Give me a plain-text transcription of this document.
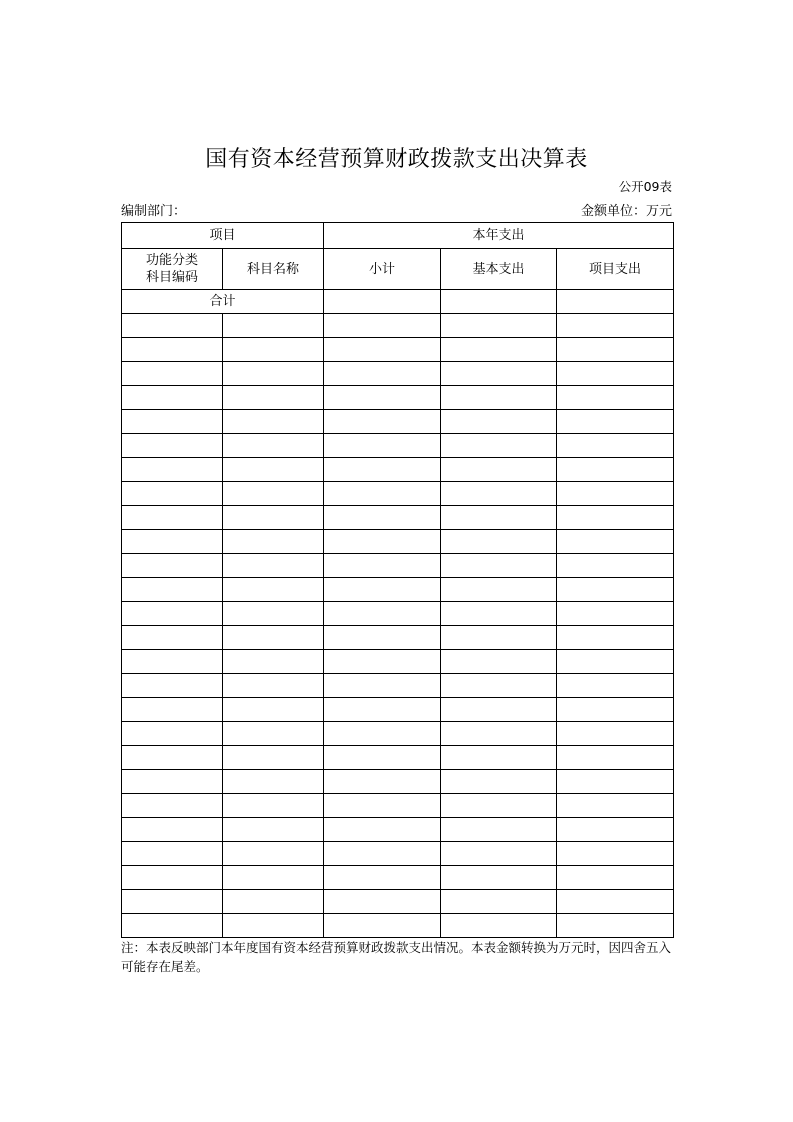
国有资本经营预算财政拨款支出决算表
公开09表
编制部门：	金额单位：万元
项目		本年支出		
功能分类
科目编码	科目名称	小计	基本支出	项目支出
合计				

注：本表反映部门本年度国有资本经营预算财政拨款支出情况。本表金额转换为万元时，因四舍五入可能存在尾差。
